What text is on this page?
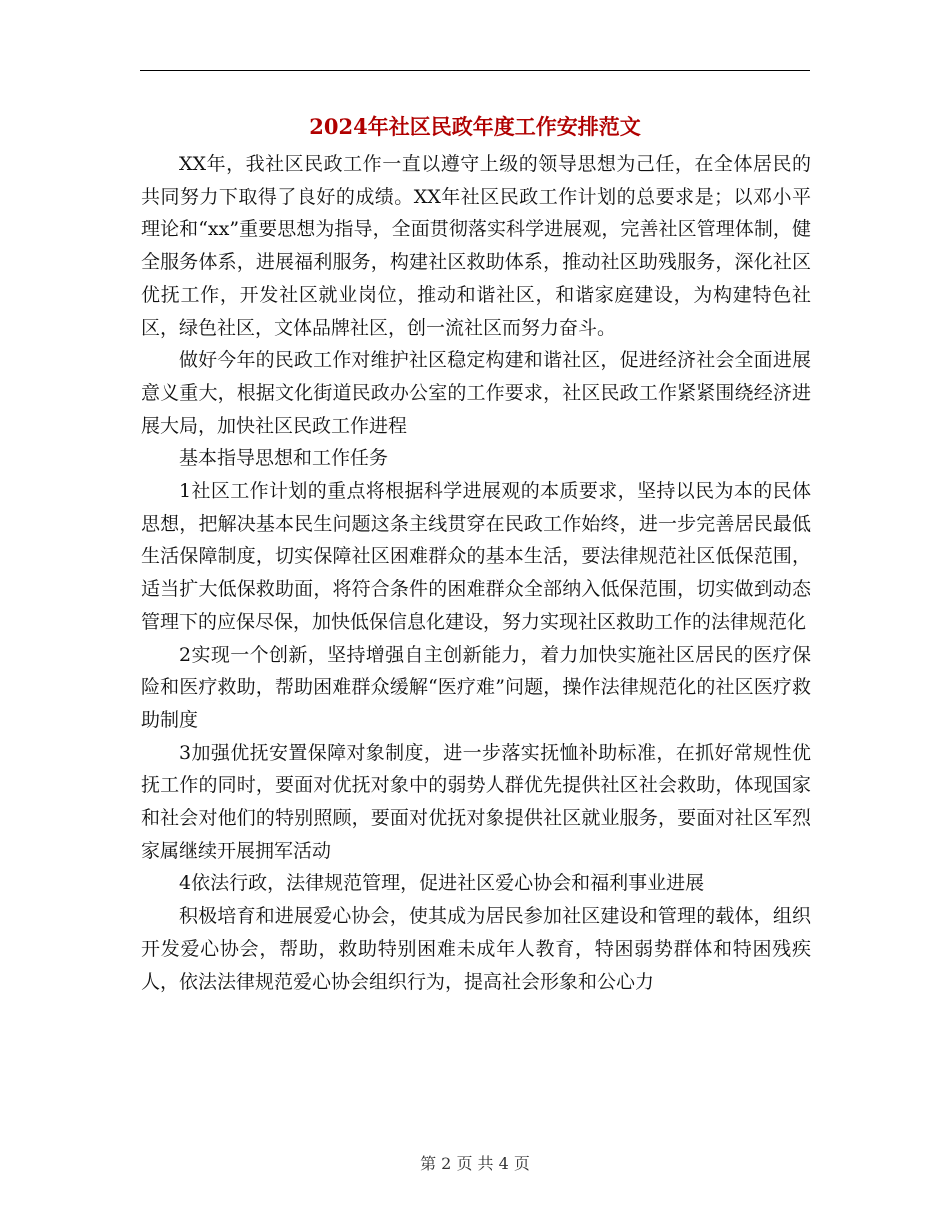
2024年社区民政年度工作安排范文

XX年，我社区民政工作一直以遵守上级的领导思想为己任，在全体居民的共同努力下取得了良好的成绩。XX年社区民政工作计划的总要求是；以邓小平理论和“xx”重要思想为指导，全面贯彻落实科学进展观，完善社区管理体制，健全服务体系，进展福利服务，构建社区救助体系，推动社区助残服务，深化社区优抚工作，开发社区就业岗位，推动和谐社区，和谐家庭建设，为构建特色社区，绿色社区，文体品牌社区，创一流社区而努力奋斗。

做好今年的民政工作对维护社区稳定构建和谐社区，促进经济社会全面进展意义重大，根据文化街道民政办公室的工作要求，社区民政工作紧紧围绕经济进展大局，加快社区民政工作进程

基本指导思想和工作任务

1社区工作计划的重点将根据科学进展观的本质要求，坚持以民为本的民体思想，把解决基本民生问题这条主线贯穿在民政工作始终，进一步完善居民最低生活保障制度，切实保障社区困难群众的基本生活，要法律规范社区低保范围，适当扩大低保救助面，将符合条件的困难群众全部纳入低保范围，切实做到动态管理下的应保尽保，加快低保信息化建设，努力实现社区救助工作的法律规范化

2实现一个创新，坚持增强自主创新能力，着力加快实施社区居民的医疗保险和医疗救助，帮助困难群众缓解“医疗难”问题，操作法律规范化的社区医疗救助制度

3加强优抚安置保障对象制度，进一步落实抚恤补助标准，在抓好常规性优抚工作的同时，要面对优抚对象中的弱势人群优先提供社区社会救助，体现国家和社会对他们的特别照顾，要面对优抚对象提供社区就业服务，要面对社区军烈家属继续开展拥军活动

4依法行政，法律规范管理，促进社区爱心协会和福利事业进展

积极培育和进展爱心协会，使其成为居民参加社区建设和管理的载体，组织开发爱心协会，帮助，救助特别困难未成年人教育，特困弱势群体和特困残疾人，依法法律规范爱心协会组织行为，提高社会形象和公心力

第 2 页 共 4 页
